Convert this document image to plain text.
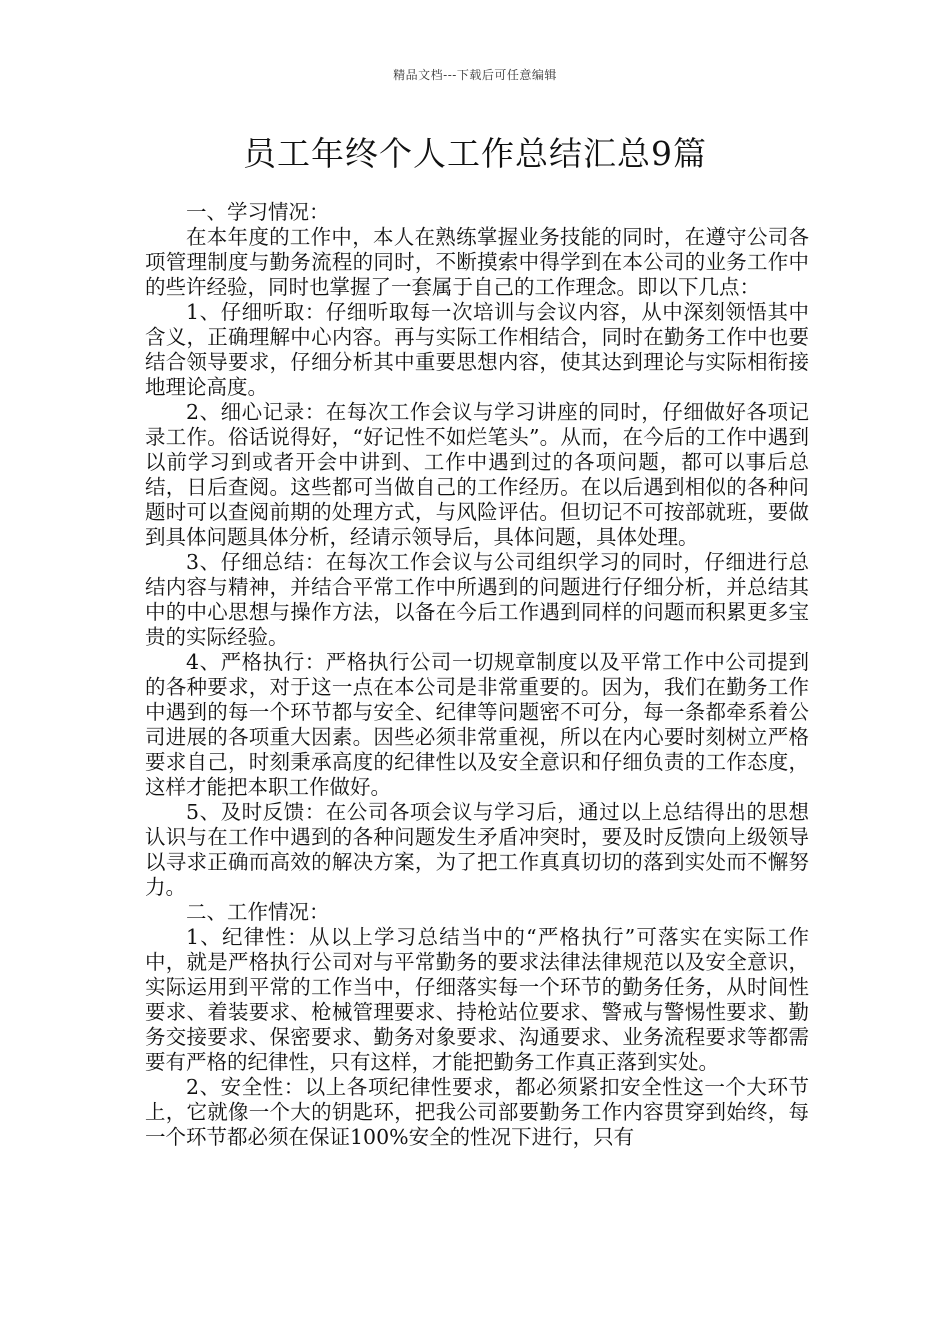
精品文档---下载后可任意编辑
员工年终个人工作总结汇总9篇

一、学习情况：

在本年度的工作中，本人在熟练掌握业务技能的同时，在遵守公司各项管理制度与勤务流程的同时，不断摸索中得学到在本公司的业务工作中的些许经验，同时也掌握了一套属于自己的工作理念。即以下几点：

1、仔细听取：仔细听取每一次培训与会议内容，从中深刻领悟其中含义，正确理解中心内容。再与实际工作相结合，同时在勤务工作中也要结合领导要求，仔细分析其中重要思想内容，使其达到理论与实际相衔接地理论高度。

2、细心记录：在每次工作会议与学习讲座的同时，仔细做好各项记录工作。俗话说得好，“好记性不如烂笔头”。从而，在今后的工作中遇到以前学习到或者开会中讲到、工作中遇到过的各项问题，都可以事后总结，日后查阅。这些都可当做自己的工作经历。在以后遇到相似的各种问题时可以查阅前期的处理方式，与风险评估。但切记不可按部就班，要做到具体问题具体分析，经请示领导后，具体问题，具体处理。

3、仔细总结：在每次工作会议与公司组织学习的同时，仔细进行总结内容与精神，并结合平常工作中所遇到的问题进行仔细分析，并总结其中的中心思想与操作方法，以备在今后工作遇到同样的问题而积累更多宝贵的实际经验。

4、严格执行：严格执行公司一切规章制度以及平常工作中公司提到的各种要求，对于这一点在本公司是非常重要的。因为，我们在勤务工作中遇到的每一个环节都与安全、纪律等问题密不可分，每一条都牵系着公司进展的各项重大因素。因些必须非常重视，所以在内心要时刻树立严格要求自己，时刻秉承高度的纪律性以及安全意识和仔细负责的工作态度，这样才能把本职工作做好。

5、及时反馈：在公司各项会议与学习后，通过以上总结得出的思想认识与在工作中遇到的各种问题发生矛盾冲突时，要及时反馈向上级领导以寻求正确而高效的解决方案，为了把工作真真切切的落到实处而不懈努力。

二、工作情况：

1、纪律性：从以上学习总结当中的“严格执行”可落实在实际工作中，就是严格执行公司对与平常勤务的要求法律法律规范以及安全意识，实际运用到平常的工作当中，仔细落实每一个环节的勤务任务，从时间性要求、着装要求、枪械管理要求、持枪站位要求、警戒与警惕性要求、勤务交接要求、保密要求、勤务对象要求、沟通要求、业务流程要求等都需要有严格的纪律性，只有这样，才能把勤务工作真正落到实处。

2、安全性：以上各项纪律性要求，都必须紧扣安全性这一个大环节上，它就像一个大的钥匙环，把我公司部要勤务工作内容贯穿到始终，每一个环节都必须在保证100%安全的性况下进行，只有
